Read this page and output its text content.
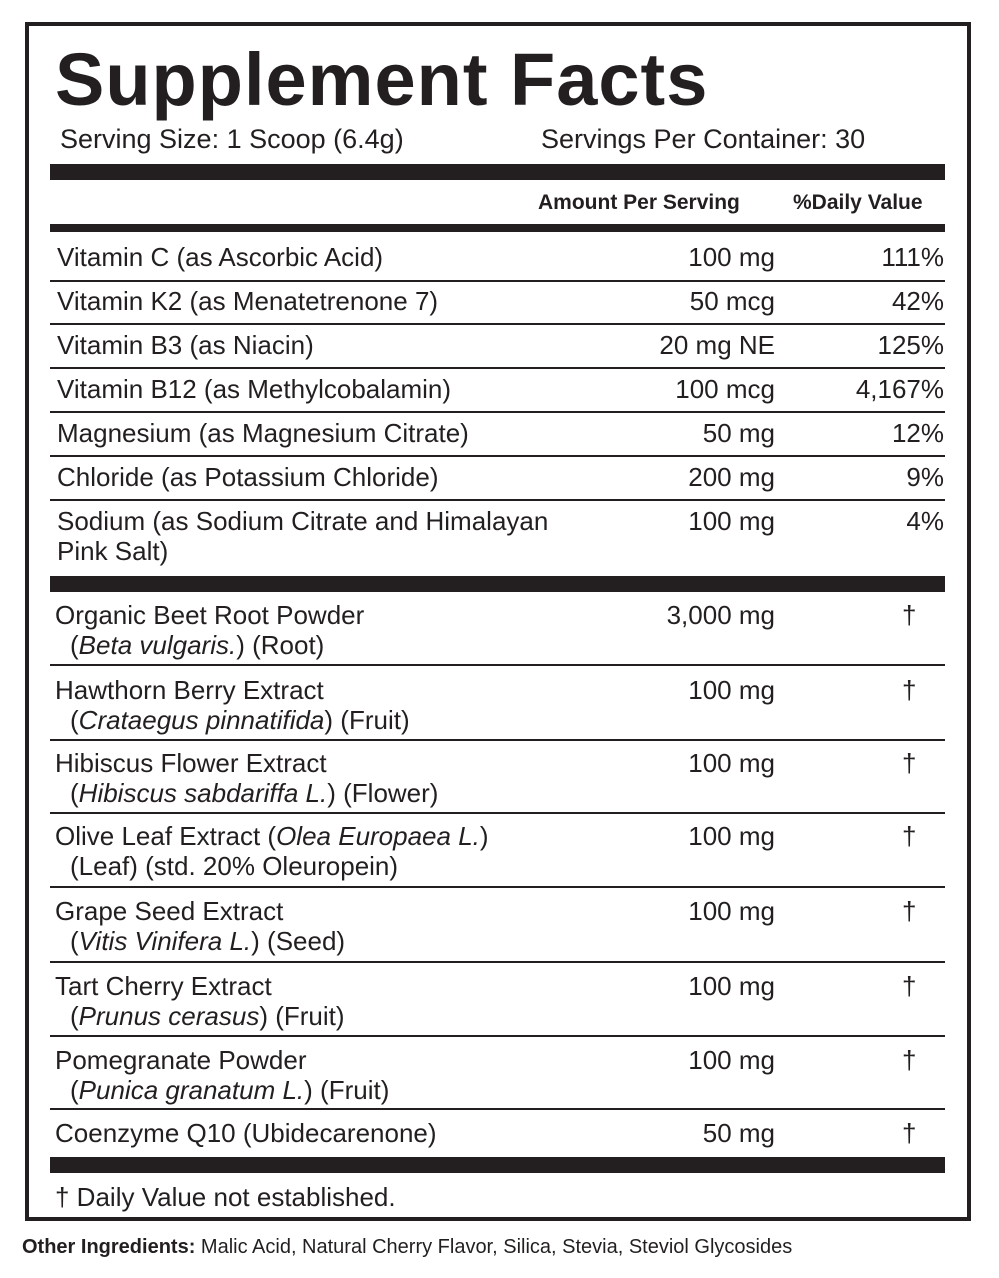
Supplement Facts
Serving Size: 1 Scoop (6.4g)	Servings Per Container: 30
Amount Per Serving	%Daily Value
Vitamin C (as Ascorbic Acid)	100 mg	111%
Vitamin K2 (as Menatetrenone 7)	50 mcg	42%
Vitamin B3 (as Niacin)	20 mg NE	125%
Vitamin B12 (as Methylcobalamin)	100 mcg	4,167%
Magnesium (as Magnesium Citrate)	50 mg	12%
Chloride (as Potassium Chloride)	200 mg	9%
Sodium (as Sodium Citrate and Himalayan
Pink Salt)
100 mg	4%
Organic Beet Root Powder
(Beta vulgaris.) (Root)
3,000 mg	†
Hawthorn Berry Extract
(Crataegus pinnatifida) (Fruit)
100 mg	†
Hibiscus Flower Extract
(Hibiscus sabdariffa L.) (Flower)
100 mg	†
Olive Leaf Extract (Olea Europaea L.)
(Leaf) (std. 20% Oleuropein)
100 mg	†
Grape Seed Extract
(Vitis Vinifera L.) (Seed)
100 mg	†
Tart Cherry Extract
(Prunus cerasus) (Fruit)
100 mg	†
Pomegranate Powder
(Punica granatum L.) (Fruit)
100 mg	†
Coenzyme Q10 (Ubidecarenone)	50 mg	†
† Daily Value not established.
Other Ingredients: Malic Acid, Natural Cherry Flavor, Silica, Stevia, Steviol Glycosides
